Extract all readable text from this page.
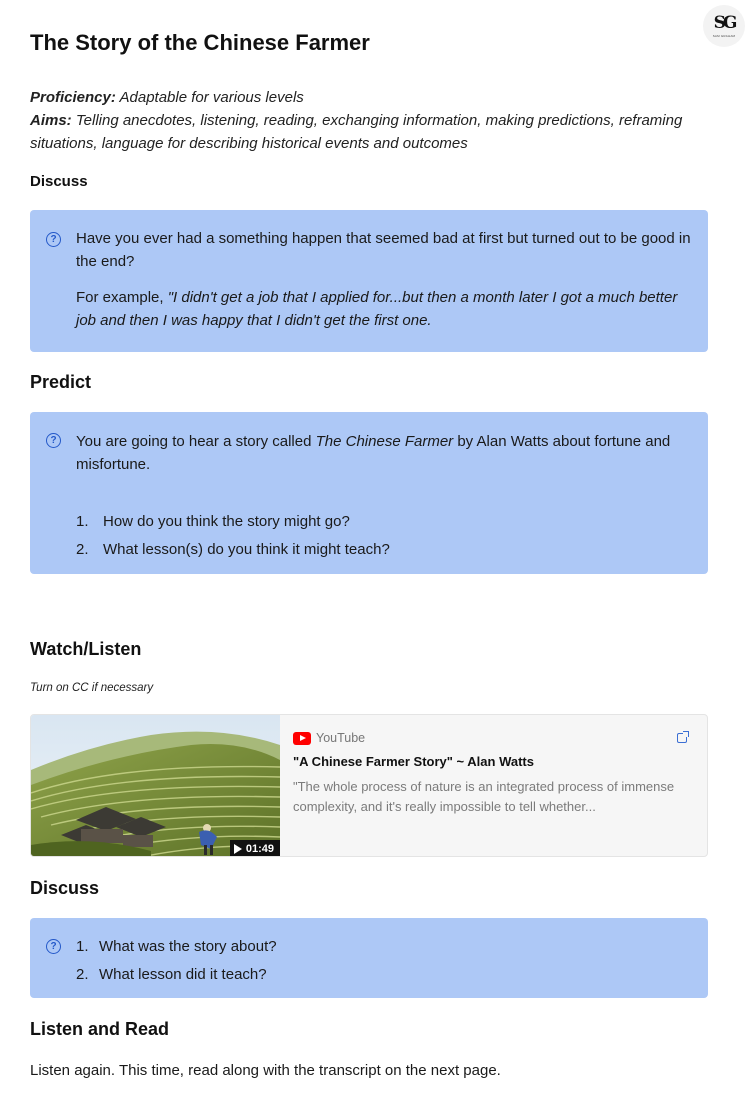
SG
SAM GRAHAM
The Story of the Chinese Farmer
Proficiency: Adaptable for various levels
Aims: Telling anecdotes, listening, reading, exchanging information, making predictions, reframing situations, language for describing historical events and outcomes
Discuss
? Have you ever had a something happen that seemed bad at first but turned out to be good in the end?

For example, "I didn't get a job that I applied for...but then a month later I got a much better job and then I was happy that I didn't get the first one.

Predict
? You are going to hear a story called The Chinese Farmer by Alan Watts about fortune and misfortune.

1. How do you think the story might go?
2. What lesson(s) do you think it might teach?
Watch/Listen
Turn on CC if necessary
01:49
YouTube
"A Chinese Farmer Story" ~ Alan Watts
"The whole process of nature is an integrated process of immense complexity, and it's really impossible to tell whether...
Discuss
? 1. What was the story about?
2. What lesson did it teach?
Listen and Read
Listen again. This time, read along with the transcript on the next page.
